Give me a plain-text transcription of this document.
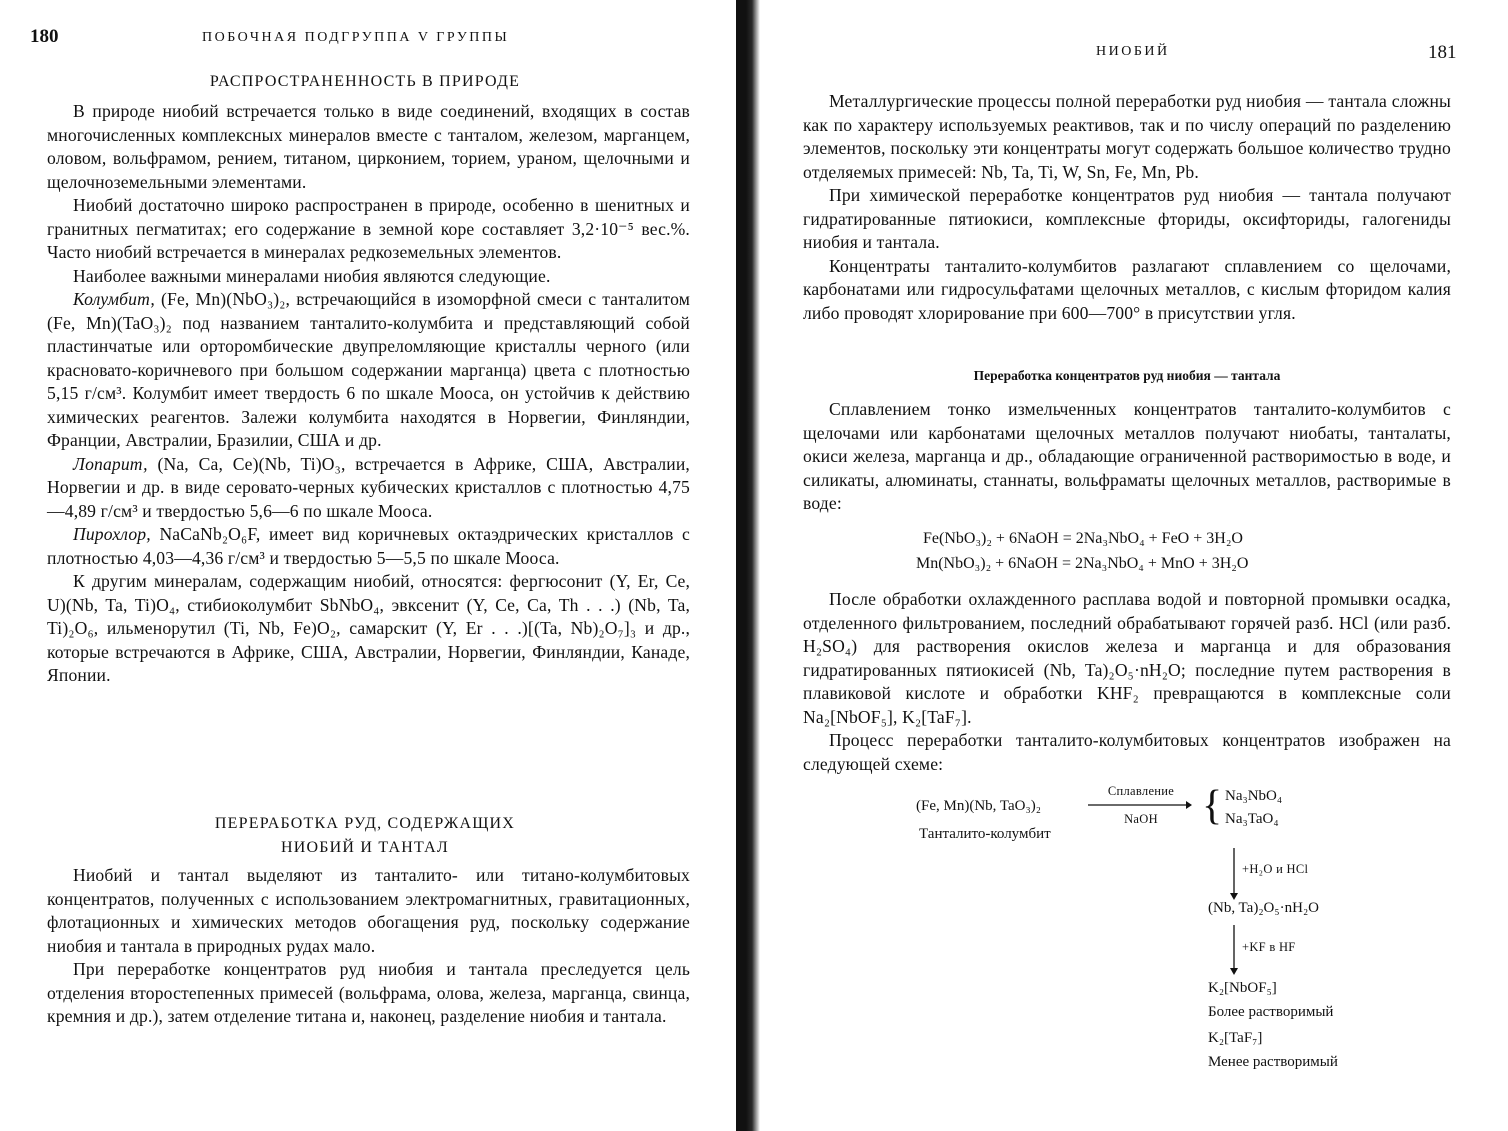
180	ПОБОЧНАЯ ПОДГРУППА V ГРУППЫ
РАСПРОСТРАНЕННОСТЬ В ПРИРОДЕ

В природе ниобий встречается только в виде соединений, входящих в состав многочисленных комплексных минералов вместе с танталом, железом, марганцем, оловом, вольфрамом, рением, титаном, цирконием, торием, ураном, щелочными и щелочноземельными элементами.

Ниобий достаточно широко распространен в природе, особенно в шенитных и гранитных пегматитах; его содержание в земной коре составляет 3,2·10⁻⁵ вес.%. Часто ниобий встречается в минералах редкоземельных элементов.

Наиболее важными минералами ниобия являются следующие.

Колумбит, (Fe, Mn)(NbO₃)₂, встречающийся в изоморфной смеси с танталитом (Fe, Mn)(TaO₃)₂ под названием танталито-колумбита и представляющий собой пластинчатые или орторомбические двупреломляющие кристаллы черного (или красновато-коричневого при большом содержании марганца) цвета с плотностью 5,15 г/см³. Колумбит имеет твердость 6 по шкале Мооса, он устойчив к действию химических реагентов. Залежи колумбита находятся в Норвегии, Финляндии, Франции, Австралии, Бразилии, США и др.

Лопарит, (Na, Ca, Ce)(Nb, Ti)O₃, встречается в Африке, США, Австралии, Норвегии и др. в виде серовато-черных кубических кристаллов с плотностью 4,75—4,89 г/см³ и твердостью 5,6—6 по шкале Мооса.

Пирохлор, NaCaNb₂O₆F, имеет вид коричневых октаэдрических кристаллов с плотностью 4,03—4,36 г/см³ и твердостью 5—5,5 по шкале Мооса.

К другим минералам, содержащим ниобий, относятся: фергюсонит (Y, Er, Ce, U)(Nb, Ta, Ti)O₄, стибиоколумбит SbNbO₄, эвксенит (Y, Ce, Ca, Th . . .) (Nb, Ta, Ti)₂O₆, ильменорутил (Ti, Nb, Fe)O₂, самарскит (Y, Er . . .)[(Ta, Nb)₂O₇]₃ и др., которые встречаются в Африке, США, Австралии, Норвегии, Финляндии, Канаде, Японии.

ПЕРЕРАБОТКА РУД, СОДЕРЖАЩИХ
НИОБИЙ И ТАНТАЛ

Ниобий и тантал выделяют из танталито- или титано-колумбитовых концентратов, полученных с использованием электромагнитных, гравитационных, флотационных и химических методов обогащения руд, поскольку содержание ниобия и тантала в природных рудах мало.

При переработке концентратов руд ниобия и тантала преследуется цель отделения второстепенных примесей (вольфрама, олова, железа, марганца, свинца, кремния и др.), затем отделение титана и, наконец, разделение ниобия и тантала.

НИОБИЙ	181

Металлургические процессы полной переработки руд ниобия — тантала сложны как по характеру используемых реактивов, так и по числу операций по разделению элементов, поскольку эти концентраты могут содержать большое количество трудно отделяемых примесей: Nb, Ta, Ti, W, Sn, Fe, Mn, Pb.

При химической переработке концентратов руд ниобия — тантала получают гидратированные пятиокиси, комплексные фториды, оксифториды, галогениды ниобия и тантала.

Концентраты танталито-колумбитов разлагают сплавлением со щелочами, карбонатами или гидросульфатами щелочных металлов, с кислым фторидом калия либо проводят хлорирование при 600—700° в присутствии угля.

Переработка концентратов руд ниобия — тантала

Сплавлением тонко измельченных концентратов танталито-колумбитов с щелочами или карбонатами щелочных металлов получают ниобаты, танталаты, окиси железа, марганца и др., обладающие ограниченной растворимостью в воде, и силикаты, алюминаты, станнаты, вольфраматы щелочных металлов, растворимые в воде:

Fe(NbO₃)₂ + 6NaOH = 2Na₃NbO₄ + FeO + 3H₂O
Mn(NbO₃)₂ + 6NaOH = 2Na₃NbO₄ + MnO + 3H₂O

После обработки охлажденного расплава водой и повторной промывки осадка, отделенного фильтрованием, последний обрабатывают горячей разб. HCl (или разб. H₂SO₄) для растворения окислов железа и марганца и для образования гидратированных пятиокисей (Nb, Ta)₂O₅·nH₂O; последние путем растворения в плавиковой кислоте и обработки KHF₂ превращаются в комплексные соли Na₂[NbOF₅], K₂[TaF₇].

Процесс переработки танталито-колумбитовых концентратов изображен на следующей схеме:

(Fe, Mn)(Nb, TaO₃)₂
Танталито-колумбит
Сплавление
NaOH	{ Na₃NbO₄
Na₃TaO₄
+H₂O и HCl
(Nb, Ta)₂O₅·nH₂O
+KF в HF
K₂[NbOF₅]
Более растворимый
K₂[TaF₇]
Менее растворимый
